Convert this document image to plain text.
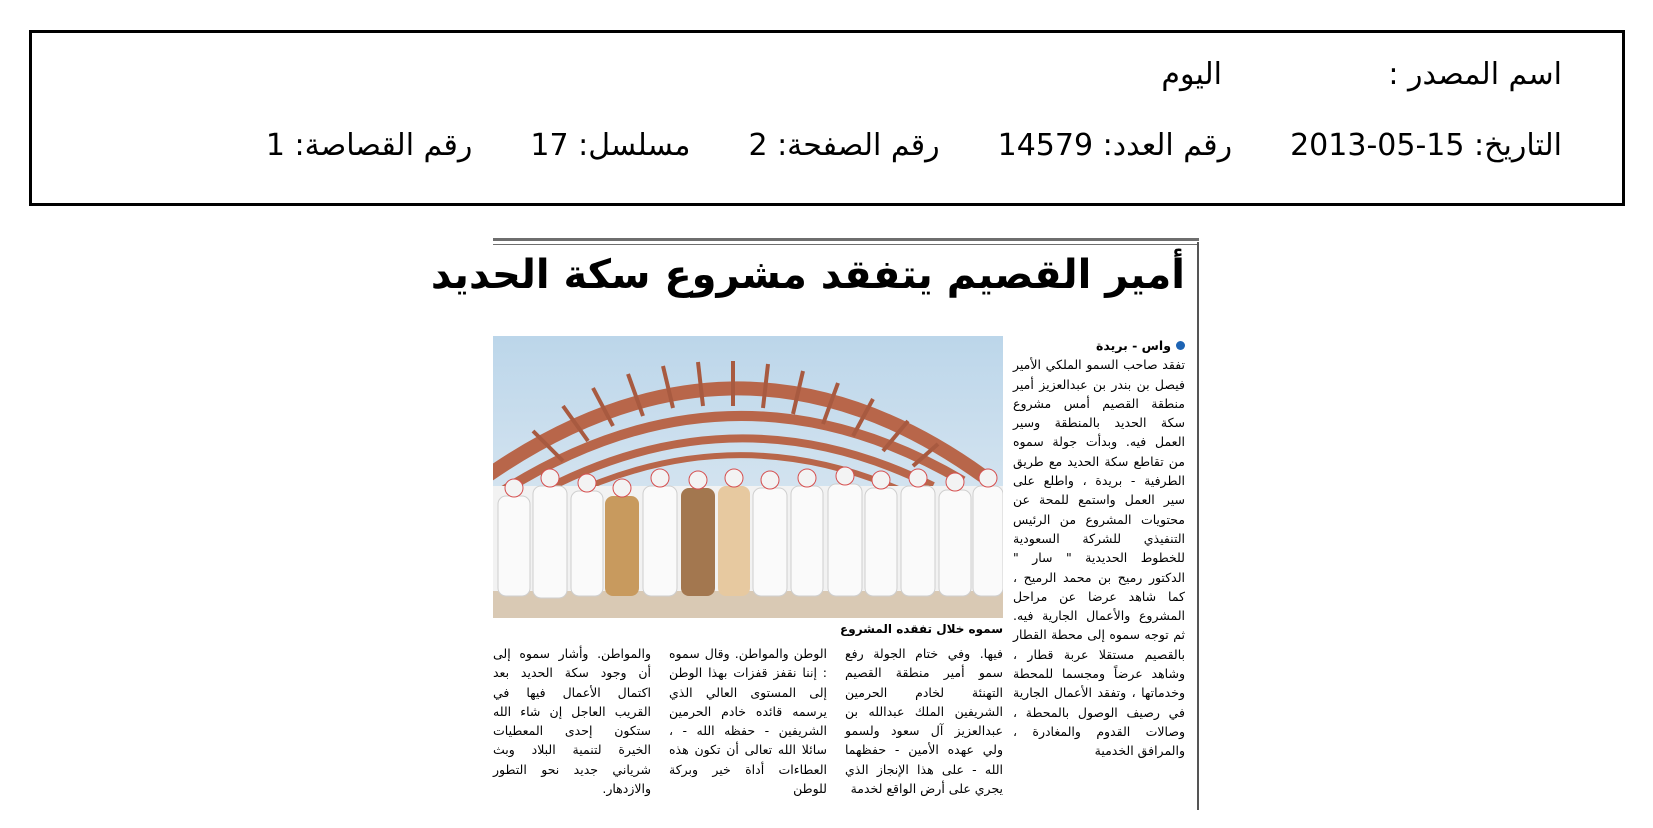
اسم المصدر :
اليوم
التاريخ: 15-05-2013
رقم العدد: 14579
رقم الصفحة: 2
مسلسل: 17
رقم القصاصة: 1
أمير القصيم يتفقد مشروع سكة الحديد
سموه خلال تفقده المشروع
واس - بريدة

تفقد صاحب السمو الملكي الأمير فيصل بن بندر بن عبدالعزيز أمير منطقة القصيم أمس مشروع سكة الحديد بالمنطقة وسير العمل فيه. وبدأت جولة سموه من تقاطع سكة الحديد مع طريق الطرفية - بريدة ، واطلع على سير العمل واستمع للمحة عن محتويات المشروع من الرئيس التنفيذي للشركة السعودية للخطوط الحديدية " سار " الدكتور رميح بن محمد الرميح ، كما شاهد عرضا عن مراحل المشروع والأعمال الجارية فيه. ثم توجه سموه إلى محطة القطار بالقصيم مستقلا عربة قطار ، وشاهد عرضاً ومجسما للمحطة وخدماتها ، وتفقد الأعمال الجارية في رصيف الوصول بالمحطة ، وصالات القدوم والمغادرة ، والمرافق الخدمية

فيها. وفي ختام الجولة رفع سمو أمير منطقة القصيم التهنئة لخادم الحرمين الشريفين الملك عبدالله بن عبدالعزيز آل سعود ولسمو ولي عهده الأمين - حفظهما الله - على هذا الإنجاز الذي يجري على أرض الواقع لخدمة

الوطن والمواطن. وقال سموه : إننا نقفز قفزات بهذا الوطن إلى المستوى العالي الذي يرسمه قائده خادم الحرمين الشريفين - حفظه الله - ، سائلا الله تعالى أن تكون هذه العطاءات أداة خير وبركة للوطن

والمواطن. وأشار سموه إلى أن وجود سكة الحديد بعد اكتمال الأعمال فيها في القريب العاجل إن شاء الله ستكون إحدى المعطيات الخيرة لتنمية البلاد وبث شرياني جديد نحو التطور والازدهار.
